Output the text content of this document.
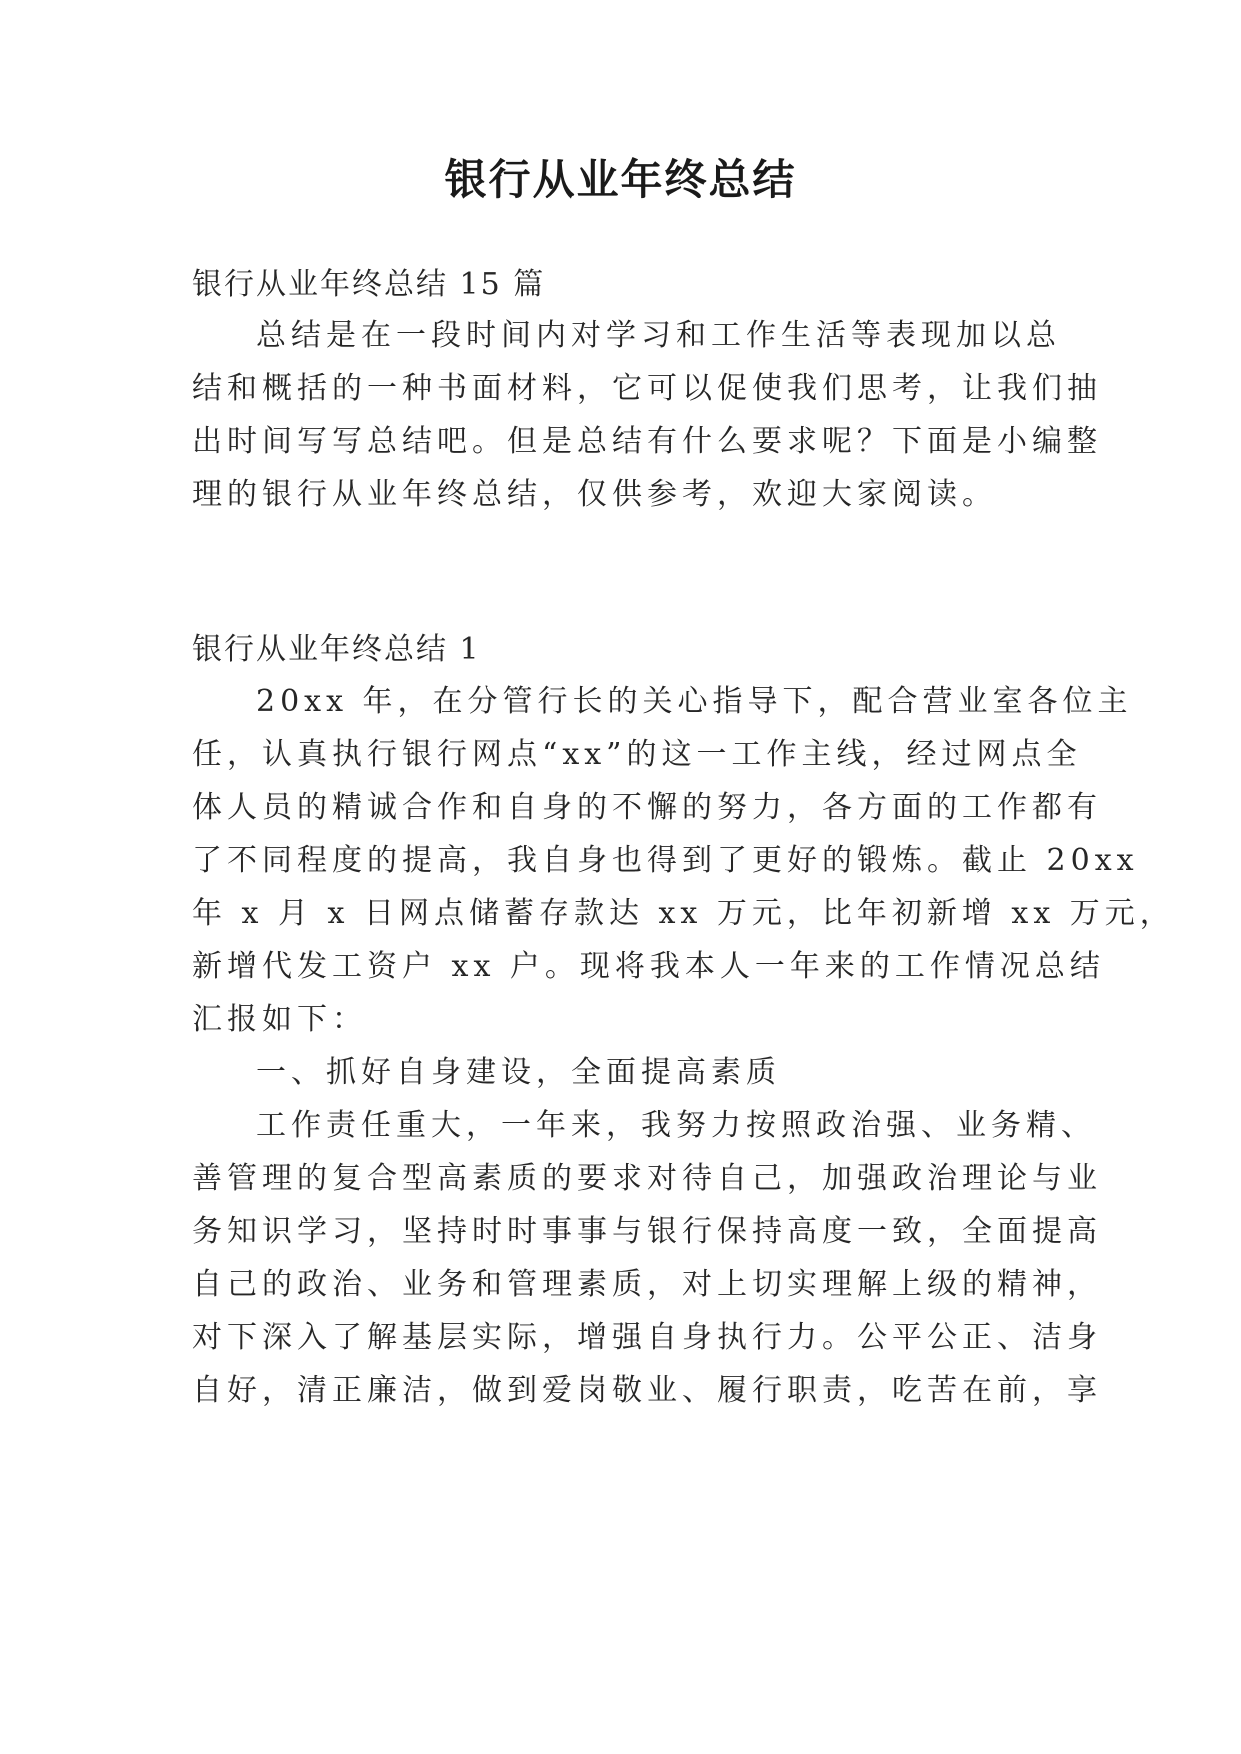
银行从业年终总结
银行从业年终总结 15 篇
总结是在一段时间内对学习和工作生活等表现加以总
结和概括的一种书面材料，它可以促使我们思考，让我们抽
出时间写写总结吧。但是总结有什么要求呢？下面是小编整
理的银行从业年终总结，仅供参考，欢迎大家阅读。
银行从业年终总结 1
20xx 年，在分管行长的关心指导下，配合营业室各位主
任，认真执行银行网点“xx”的这一工作主线，经过网点全
体人员的精诚合作和自身的不懈的努力，各方面的工作都有
了不同程度的提高，我自身也得到了更好的锻炼。截止 20xx
年 x 月 x 日网点储蓄存款达 xx 万元，比年初新增 xx 万元，
新增代发工资户 xx 户。现将我本人一年来的工作情况总结
汇报如下：
一、抓好自身建设，全面提高素质
工作责任重大，一年来，我努力按照政治强、业务精、
善管理的复合型高素质的要求对待自己，加强政治理论与业
务知识学习，坚持时时事事与银行保持高度一致，全面提高
自己的政治、业务和管理素质，对上切实理解上级的精神，
对下深入了解基层实际，增强自身执行力。公平公正、洁身
自好，清正廉洁，做到爱岗敬业、履行职责，吃苦在前，享
